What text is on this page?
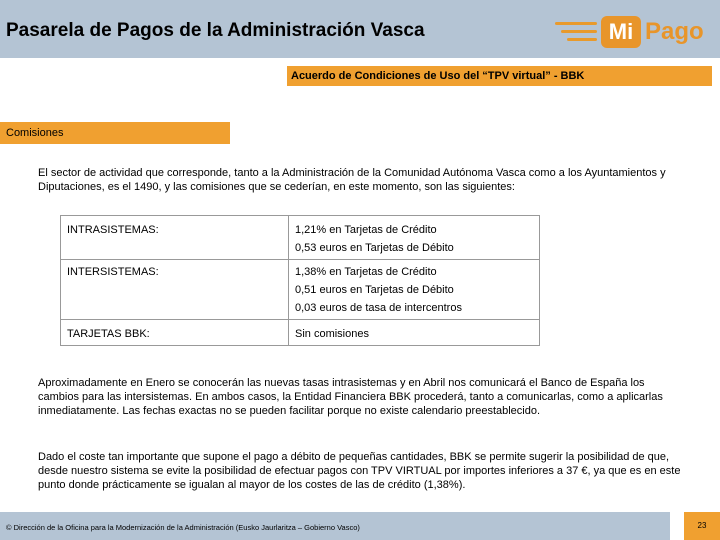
Pasarela de Pagos de la Administración Vasca	Mi Pago
Acuerdo de Condiciones de Uso del “TPV virtual” - BBK
Comisiones
El sector de actividad que corresponde, tanto a la Administración de la Comunidad Autónoma Vasca como a los Ayuntamientos y Diputaciones, es el 1490, y las comisiones que se cederían, en este momento, son las siguientes:
INTRASISTEMAS:	1,21% en Tarjetas de Crédito
0,53 euros en Tarjetas de Débito

INTERSISTEMAS:	1,38% en Tarjetas de Crédito
0,51 euros en Tarjetas de Débito
0,03 euros de tasa de intercentros

TARJETAS BBK:	Sin comisiones
Aproximadamente en Enero se conocerán las nuevas tasas intrasistemas y en Abril nos comunicará el Banco de España los cambios para las intersistemas. En ambos casos, la Entidad Financiera BBK procederá, tanto a comunicarlas, como a aplicarlas inmediatamente. Las fechas exactas no se pueden facilitar porque no existe calendario preestablecido.
Dado el coste tan importante que supone el pago a débito de pequeñas cantidades, BBK se permite sugerir la posibilidad de que, desde nuestro sistema se evite la posibilidad de efectuar pagos con TPV VIRTUAL por importes inferiores a 37 €, ya que es en este punto donde prácticamente se igualan al mayor de los costes de las de crédito (1,38%).
© Dirección de la Oficina para la Modernización de la Administración (Eusko Jaurlaritza – Gobierno Vasco)	23
